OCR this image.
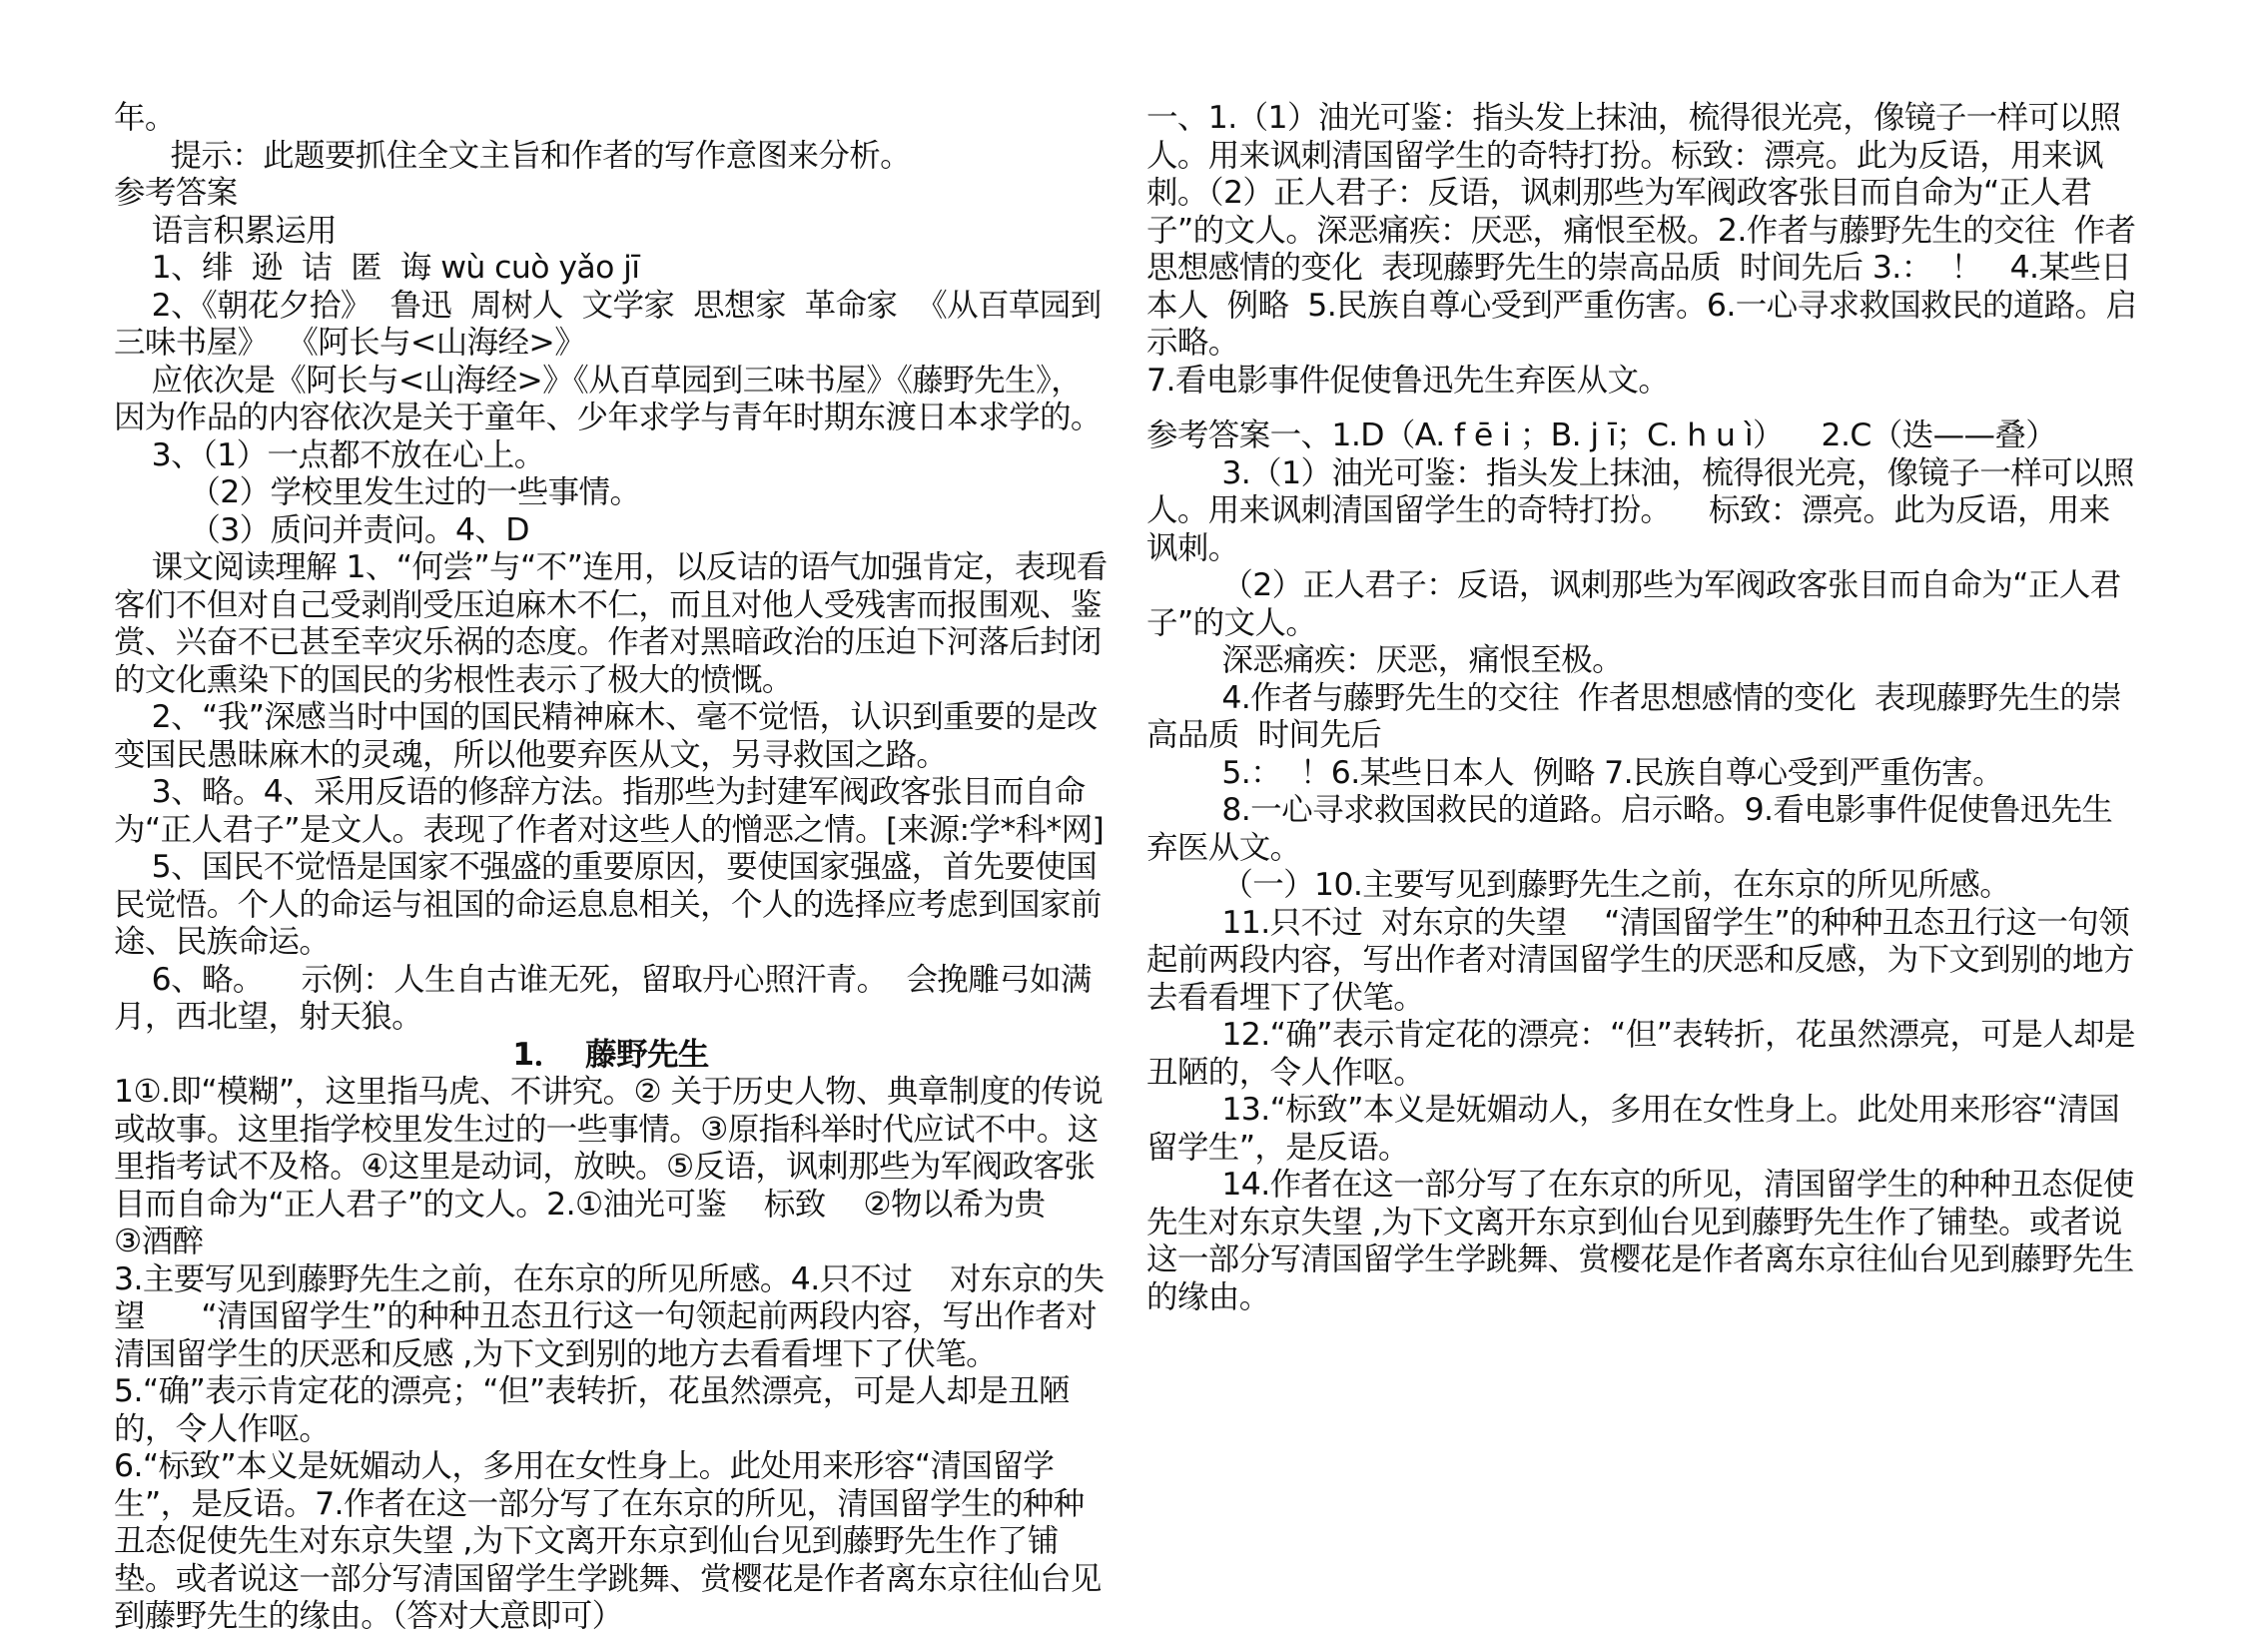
年。

提示：此题要抓住全文主旨和作者的写作意图来分析。

参考答案

语言积累运用

1、绯  逊  诘  匿  诲 wù cuò yǎo jī

2、《朝花夕拾》  鲁迅  周树人  文学家  思想家  革命家  《从百草园到三味书屋》  《阿长与<山海经>》

应依次是《阿长与<山海经>》《从百草园到三味书屋》《藤野先生》，因为作品的内容依次是关于童年、少年求学与青年时期东渡日本求学的。

3、（1）一点都不放在心上。

（2）学校里发生过的一些事情。

（3）质问并责问。4、D

课文阅读理解 1、“何尝”与“不”连用，以反诘的语气加强肯定，表现看客们不但对自己受剥削受压迫麻木不仁，而且对他人受残害而报围观、鉴赏、兴奋不已甚至幸灾乐祸的态度。作者对黑暗政治的压迫下河落后封闭的文化熏染下的国民的劣根性表示了极大的愤慨。

2、“我”深感当时中国的国民精神麻木、毫不觉悟，认识到重要的是改变国民愚昧麻木的灵魂，所以他要弃医从文，另寻救国之路。

3、略。4、采用反语的修辞方法。指那些为封建军阀政客张目而自命为“正人君子”是文人。表现了作者对这些人的憎恶之情。[来源:学*科*网]

5、国民不觉悟是国家不强盛的重要原因，要使国家强盛，首先要使国民觉悟。个人的命运与祖国的命运息息相关，个人的选择应考虑到国家前途、民族命运。

6、略。    示例：人生自古谁无死，留取丹心照汗青。  会挽雕弓如满月，西北望，射天狼。

1．  藤野先生

1①.即“模糊”，这里指马虎、不讲究。② 关于历史人物、典章制度的传说或故事。这里指学校里发生过的一些事情。③原指科举时代应试不中。这里指考试不及格。④这里是动词，放映。⑤反语，讽刺那些为军阀政客张目而自命为“正人君子”的文人。2.①油光可鉴    标致    ②物以希为贵        ③酒醉

3.主要写见到藤野先生之前，在东京的所见所感。4.只不过    对东京的失望      “清国留学生”的种种丑态丑行这一句领起前两段内容，写出作者对清国留学生的厌恶和反感 ,为下文到别的地方去看看埋下了伏笔。

5.“确”表示肯定花的漂亮；“但”表转折，花虽然漂亮，可是人却是丑陋的，令人作呕。

6.“标致”本义是妩媚动人，多用在女性身上。此处用来形容“清国留学生”，是反语。7.作者在这一部分写了在东京的所见，清国留学生的种种丑态促使先生对东京失望 ,为下文离开东京到仙台见到藤野先生作了铺垫。或者说这一部分写清国留学生学跳舞、赏樱花是作者离东京往仙台见到藤野先生的缘由。（答对大意即可）

一、1.（1）油光可鉴：指头发上抹油，梳得很光亮，像镜子一样可以照人。用来讽刺清国留学生的奇特打扮。标致：漂亮。此为反语，用来讽刺。（2）正人君子：反语，讽刺那些为军阀政客张目而自命为“正人君子”的文人。深恶痛疾：厌恶，痛恨至极。2.作者与藤野先生的交往  作者思想感情的变化  表现藤野先生的崇高品质  时间先后 3.：  ！   4.某些日本人  例略  5.民族自尊心受到严重伤害。6.一心寻求救国救民的道路。启示略。

7.看电影事件促使鲁迅先生弃医从文。

参考答案一、1.D（A. f ē i ；B. j ī；C. h u ì）    2.C（迭——叠）

3.（1）油光可鉴：指头发上抹油，梳得很光亮，像镜子一样可以照人。用来讽刺清国留学生的奇特打扮。    标致：漂亮。此为反语，用来讽刺。

（2）正人君子：反语，讽刺那些为军阀政客张目而自命为“正人君子”的文人。

深恶痛疾：厌恶，痛恨至极。

4.作者与藤野先生的交往  作者思想感情的变化  表现藤野先生的崇高品质  时间先后

5.：  ！6.某些日本人  例略 7.民族自尊心受到严重伤害。

8.一心寻求救国救民的道路。启示略。9.看电影事件促使鲁迅先生弃医从文。

（一）10.主要写见到藤野先生之前，在东京的所见所感。

11.只不过  对东京的失望    “清国留学生”的种种丑态丑行这一句领起前两段内容，写出作者对清国留学生的厌恶和反感，为下文到别的地方去看看埋下了伏笔。

12.“确”表示肯定花的漂亮：“但”表转折，花虽然漂亮，可是人却是丑陋的，令人作呕。

13.“标致”本义是妩媚动人，多用在女性身上。此处用来形容“清国留学生”，是反语。

14.作者在这一部分写了在东京的所见，清国留学生的种种丑态促使先生对东京失望 ,为下文离开东京到仙台见到藤野先生作了铺垫。或者说这一部分写清国留学生学跳舞、赏樱花是作者离东京往仙台见到藤野先生的缘由。
